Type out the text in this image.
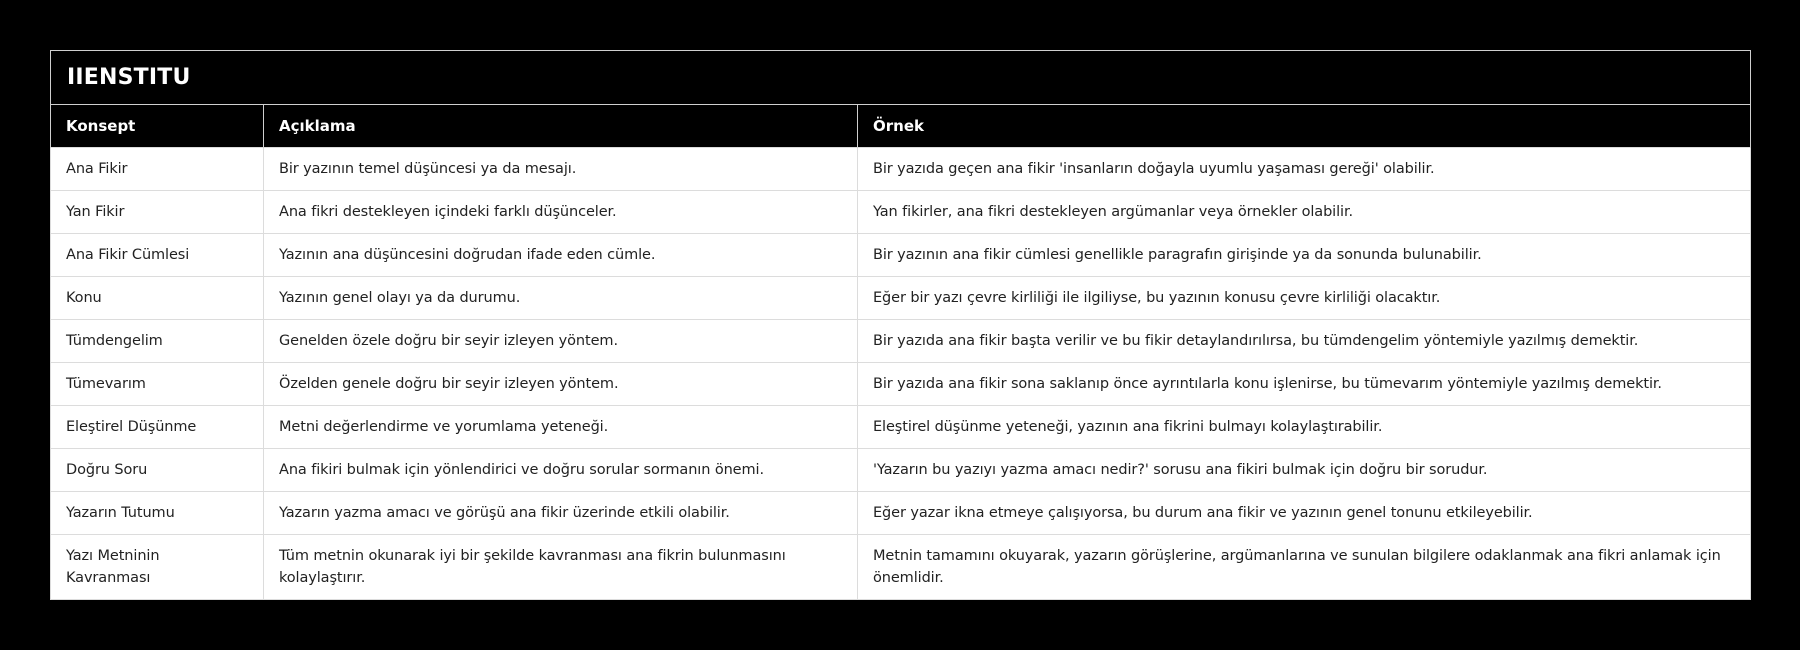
IIENSTITU		
Konsept	Açıklama	Örnek
Ana Fikir	Bir yazının temel düşüncesi ya da mesajı.	Bir yazıda geçen ana fikir 'insanların doğayla uyumlu yaşaması gereği' olabilir.
Yan Fikir	Ana fikri destekleyen içindeki farklı düşünceler.	Yan fikirler, ana fikri destekleyen argümanlar veya örnekler olabilir.
Ana Fikir Cümlesi	Yazının ana düşüncesini doğrudan ifade eden cümle.	Bir yazının ana fikir cümlesi genellikle paragrafın girişinde ya da sonunda bulunabilir.
Konu	Yazının genel olayı ya da durumu.	Eğer bir yazı çevre kirliliği ile ilgiliyse, bu yazının konusu çevre kirliliği olacaktır.
Tümdengelim	Genelden özele doğru bir seyir izleyen yöntem.	Bir yazıda ana fikir başta verilir ve bu fikir detaylandırılırsa, bu tümdengelim yöntemiyle yazılmış demektir.
Tümevarım	Özelden genele doğru bir seyir izleyen yöntem.	Bir yazıda ana fikir sona saklanıp önce ayrıntılarla konu işlenirse, bu tümevarım yöntemiyle yazılmış demektir.
Eleştirel Düşünme	Metni değerlendirme ve yorumlama yeteneği.	Eleştirel düşünme yeteneği, yazının ana fikrini bulmayı kolaylaştırabilir.
Doğru Soru	Ana fikiri bulmak için yönlendirici ve doğru sorular sormanın önemi.	'Yazarın bu yazıyı yazma amacı nedir?' sorusu ana fikiri bulmak için doğru bir sorudur.
Yazarın Tutumu	Yazarın yazma amacı ve görüşü ana fikir üzerinde etkili olabilir.	Eğer yazar ikna etmeye çalışıyorsa, bu durum ana fikir ve yazının genel tonunu etkileyebilir.
Yazı Metninin Kavranması	Tüm metnin okunarak iyi bir şekilde kavranması ana fikrin bulunmasını kolaylaştırır.	Metnin tamamını okuyarak, yazarın görüşlerine, argümanlarına ve sunulan bilgilere odaklanmak ana fikri anlamak için önemlidir.
